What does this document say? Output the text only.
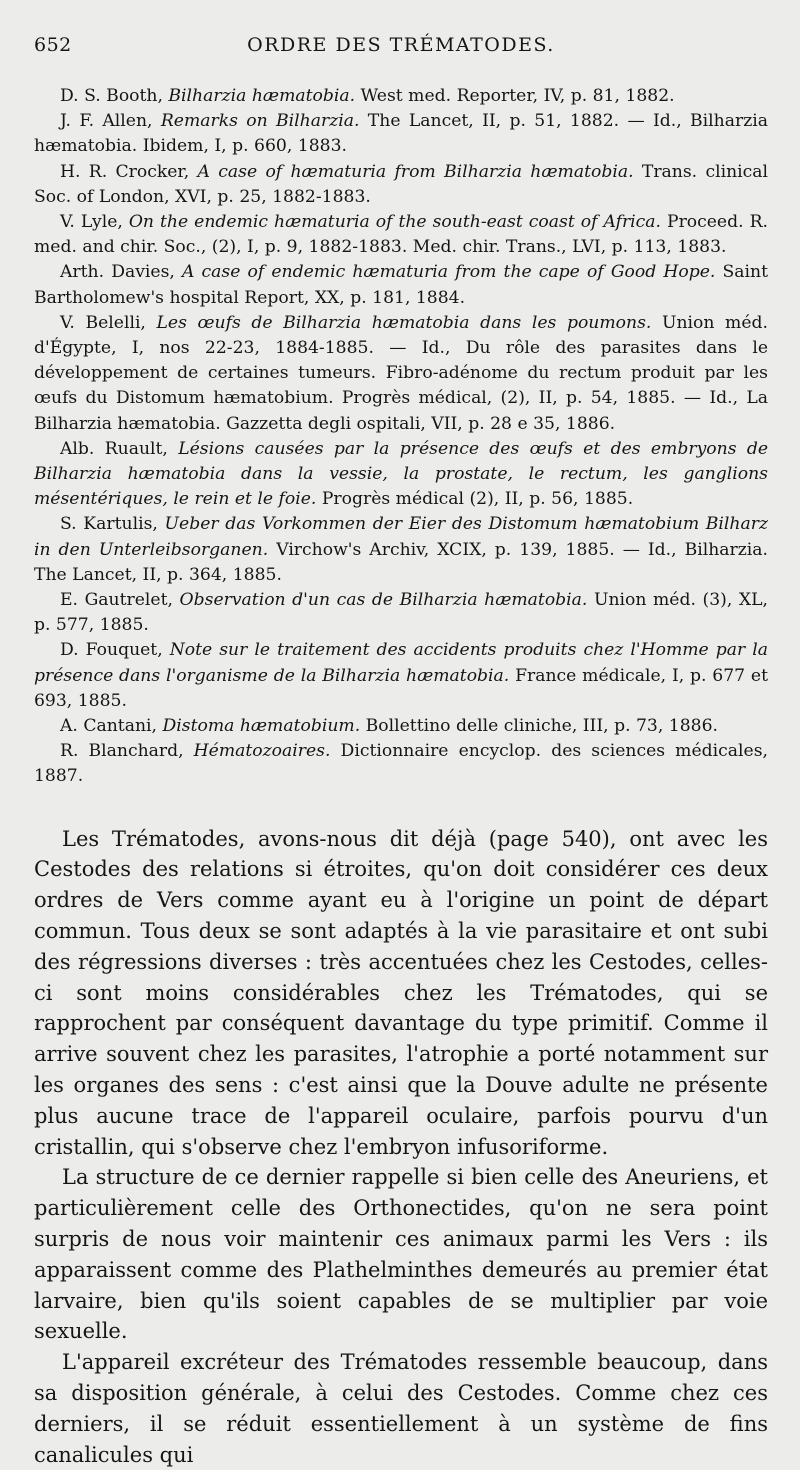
652	ORDRE DES TRÉMATODES.

D. S. Booth, Bilharzia hæmatobia. West med. Reporter, IV, p. 81, 1882.

J. F. Allen, Remarks on Bilharzia. The Lancet, II, p. 51, 1882. — Id., Bilharzia hæmatobia. Ibidem, I, p. 660, 1883.

H. R. Crocker, A case of hæmaturia from Bilharzia hæmatobia. Trans. clinical Soc. of London, XVI, p. 25, 1882-1883.

V. Lyle, On the endemic hæmaturia of the south-east coast of Africa. Proceed. R. med. and chir. Soc., (2), I, p. 9, 1882-1883. Med. chir. Trans., LVI, p. 113, 1883.

Arth. Davies, A case of endemic hæmaturia from the cape of Good Hope. Saint Bartholomew's hospital Report, XX, p. 181, 1884.

V. Belelli, Les œufs de Bilharzia hæmatobia dans les poumons. Union méd. d'Égypte, I, nos 22-23, 1884-1885. — Id., Du rôle des parasites dans le développement de certaines tumeurs. Fibro-adénome du rectum produit par les œufs du Distomum hæmatobium. Progrès médical, (2), II, p. 54, 1885. — Id., La Bilharzia hæmatobia. Gazzetta degli ospitali, VII, p. 28 e 35, 1886.

Alb. Ruault, Lésions causées par la présence des œufs et des embryons de Bilharzia hæmatobia dans la vessie, la prostate, le rectum, les ganglions mésentériques, le rein et le foie. Progrès médical (2), II, p. 56, 1885.

S. Kartulis, Ueber das Vorkommen der Eier des Distomum hæmatobium Bilharz in den Unterleibsorganen. Virchow's Archiv, XCIX, p. 139, 1885. — Id., Bilharzia. The Lancet, II, p. 364, 1885.

E. Gautrelet, Observation d'un cas de Bilharzia hæmatobia. Union méd. (3), XL, p. 577, 1885.

D. Fouquet, Note sur le traitement des accidents produits chez l'Homme par la présence dans l'organisme de la Bilharzia hæmatobia. France médicale, I, p. 677 et 693, 1885.

A. Cantani, Distoma hæmatobium. Bollettino delle cliniche, III, p. 73, 1886.

R. Blanchard, Hématozoaires. Dictionnaire encyclop. des sciences médicales, 1887.

Les Trématodes, avons-nous dit déjà (page 540), ont avec les Cestodes des relations si étroites, qu'on doit considérer ces deux ordres de Vers comme ayant eu à l'origine un point de départ commun. Tous deux se sont adaptés à la vie parasitaire et ont subi des régressions diverses : très accentuées chez les Cestodes, celles-ci sont moins considérables chez les Trématodes, qui se rapprochent par conséquent davantage du type primitif. Comme il arrive souvent chez les parasites, l'atrophie a porté notamment sur les organes des sens : c'est ainsi que la Douve adulte ne présente plus aucune trace de l'appareil oculaire, parfois pourvu d'un cristallin, qui s'observe chez l'embryon infusoriforme.

La structure de ce dernier rappelle si bien celle des Aneuriens, et particulièrement celle des Orthonectides, qu'on ne sera point surpris de nous voir maintenir ces animaux parmi les Vers : ils apparaissent comme des Plathelminthes demeurés au premier état larvaire, bien qu'ils soient capables de se multiplier par voie sexuelle.

L'appareil excréteur des Trématodes ressemble beaucoup, dans sa disposition générale, à celui des Cestodes. Comme chez ces derniers, il se réduit essentiellement à un système de fins canalicules qui
